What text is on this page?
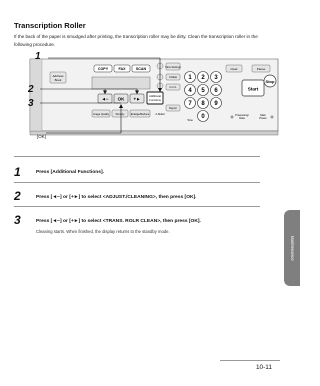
Transcription Roller
If the back of the paper is smudged after printing, the transcription roller may be dirty. Clean the transcription roller in the following procedure.
Address
Book
COPY	FAX	SCAN
◄− OK +►	Additional
Functions
Image Quality	Density Enlarge/Reduce 2-Sided
View Settings
Collate
2 on 1
Report
1 2 3
4 5 6
7 8 9
0
Tone
Clear	Pause
Start
Stop
Processing/
Data
Main
Power
1
2
3
[OK]
1	Press [Additional Functions].
2	Press [◄−] or [+►] to select <ADJUST./CLEANING>, then press [OK].
3	Press [◄−] or [+►] to select <TRANS. ROLR CLEAN>, then press [OK].
Cleaning starts. When finished, the display returns to the standby mode.
Maintenance
10-11
